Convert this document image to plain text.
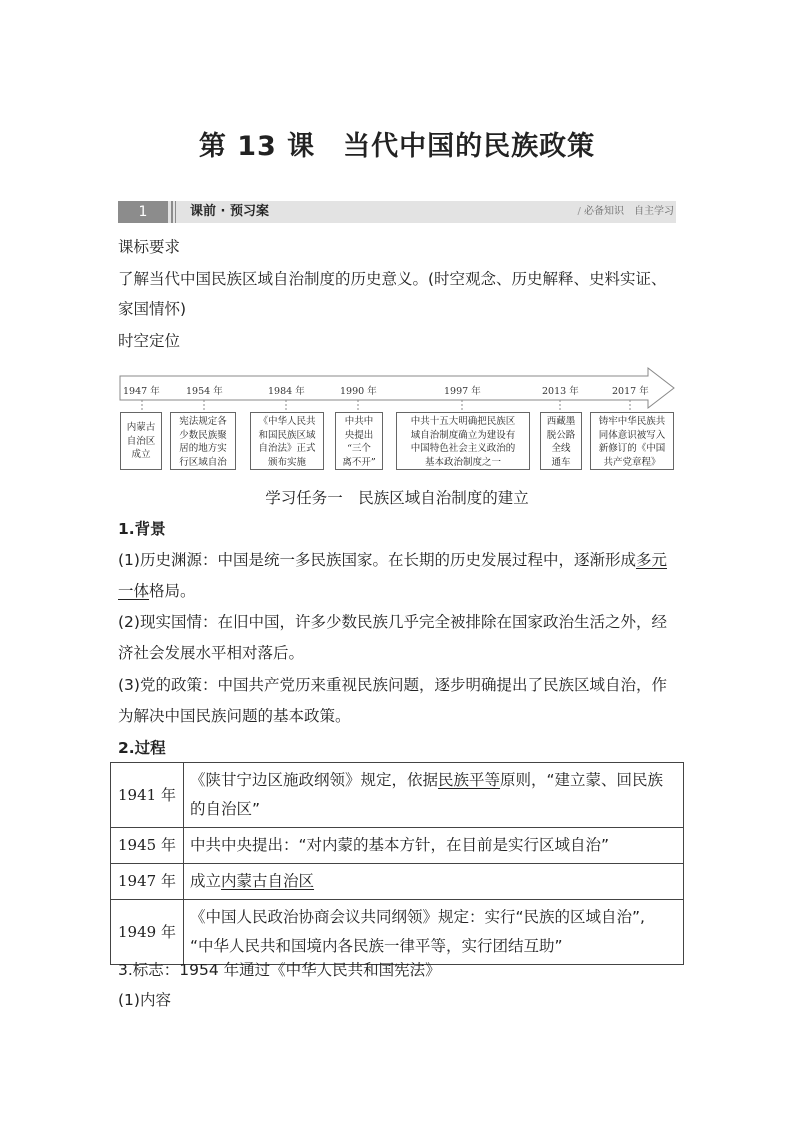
第 13 课　当代中国的民族政策
1	课前 · 预习案	/ 必备知识　自主学习
课标要求
了解当代中国民族区域自治制度的历史意义。(时空观念、历史解释、史料实证、
家国情怀)
时空定位
1947 年	1954 年	1984 年	1990 年	1997 年	2013 年	2017 年
内蒙古
自治区
成立
宪法规定各
少数民族聚
居的地方实
行区域自治
《中华人民共
和国民族区域
自治法》正式
颁布实施
中共中
央提出
“三个
离不开”
中共十五大明确把民族区
域自治制度确立为建设有
中国特色社会主义政治的
基本政治制度之一
西藏墨
脱公路
全线
通车
铸牢中华民族共
同体意识被写入
新修订的《中国
共产党章程》
学习任务一　民族区域自治制度的建立
1.背景
(1)历史渊源：中国是统一多民族国家。在长期的历史发展过程中，逐渐形成多元
一体格局。
(2)现实国情：在旧中国，许多少数民族几乎完全被排除在国家政治生活之外，经
济社会发展水平相对落后。
(3)党的政策：中国共产党历来重视民族问题，逐步明确提出了民族区域自治，作
为解决中国民族问题的基本政策。
2.过程
1941 年	《陕甘宁边区施政纲领》规定，依据民族平等原则，“建立蒙、回民族
的自治区”
1945 年	中共中央提出：“对内蒙的基本方针，在目前是实行区域自治”
1947 年	成立内蒙古自治区
1949 年	《中国人民政治协商会议共同纲领》规定：实行“民族的区域自治”,
“中华人民共和国境内各民族一律平等，实行团结互助”
3.标志：1954 年通过《中华人民共和国宪法》
(1)内容
